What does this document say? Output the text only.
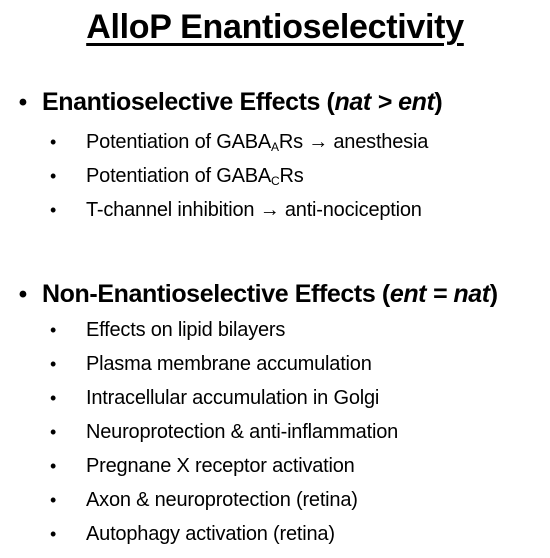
AlloP Enantioselectivity
• Enantioselective Effects (nat > ent)
•	Potentiation of $GABA_ARs$ → anesthesia
•	Potentiation of $GABA_CRs$
•	T-channel inhibition → anti-nociception
• Non-Enantioselective Effects (ent = nat)
•	Effects on lipid bilayers
•	Plasma membrane accumulation
•	Intracellular accumulation in Golgi
•	Neuroprotection & anti-inflammation
•	Pregnane X receptor activation
•	Axon & neuroprotection (retina)
•	Autophagy activation (retina)
